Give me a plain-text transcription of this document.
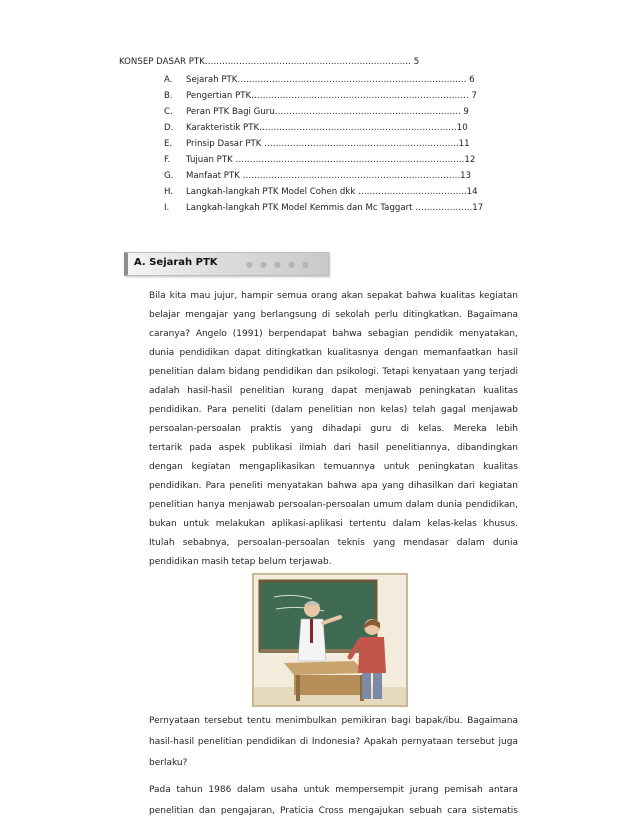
KONSEP DASAR PTK……………………………………………………………… 5
A. Sejarah PTK…………………………………………………………………….. 6
B. Pengertian PTK…………………………………………………………………. 7
C. Peran PTK Bagi Guru……………………………………………………….. 9
D. Karakteristik PTK……………………………………………………………10
E. Prinsip Dasar PTK …………………………………………………………..11
F. Tujuan PTK ……………………………………………………………………..12
G. Manfaat PTK ………………………………………………………………….13
H. Langkah-langkah PTK Model Cohen dkk ………………………………..14
I. Langkah-langkah PTK Model Kemmis dan Mc Taggart ………………..17
A. Sejarah PTK	●●●●●
Bila kita mau jujur, hampir semua orang akan sepakat bahwa kualitas kegiatan
belajar mengajar yang berlangsung di sekolah perlu ditingkatkan. Bagaimana
caranya? Angelo (1991) berpendapat bahwa sebagian pendidik menyatakan,
dunia pendidikan dapat ditingkatkan kualitasnya dengan memanfaatkan hasil
penelitian dalam bidang pendidikan dan psikologi. Tetapi kenyataan yang terjadi
adalah hasil-hasil penelitian kurang dapat menjawab peningkatan kualitas
pendidikan. Para peneliti (dalam penelitian non kelas) telah gagal menjawab
persoalan-persoalan praktis yang dihadapi guru di kelas. Mereka lebih
tertarik pada aspek publikasi ilmiah dari hasil penelitiannya, dibandingkan
dengan kegiatan mengaplikasikan temuannya untuk peningkatan kualitas
pendidikan. Para peneliti menyatakan bahwa apa yang dihasilkan dari kegiatan
penelitian hanya menjawab persoalan-persoalan umum dalam dunia pendidikan,
bukan untuk melakukan aplikasi-aplikasi tertentu dalam kelas-kelas khusus.
Itulah sebabnya, persoalan-persoalan teknis yang mendasar dalam dunia
pendidikan masih tetap belum terjawab.
Pernyataan tersebut tentu menimbulkan pemikiran bagi bapak/ibu. Bagaimana
hasil-hasil penelitian pendidikan di Indonesia? Apakah pernyataan tersebut juga
berlaku?
Pada tahun 1986 dalam usaha untuk mempersempit jurang pemisah antara
penelitian dan pengajaran, Praticia Cross mengajukan sebuah cara sistematis
